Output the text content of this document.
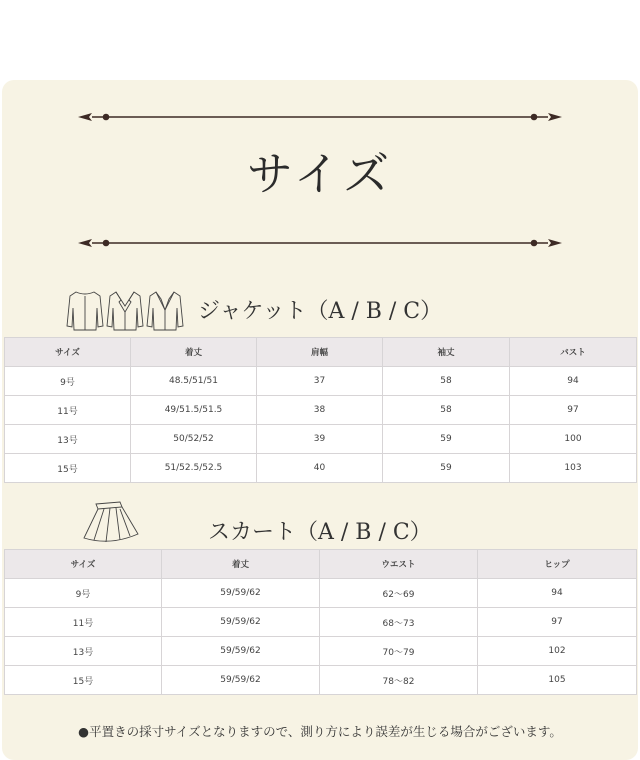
サイズ
ジャケット（A / B / C）
サイズ	着丈	肩幅	袖丈	バスト
9号	48.5/51/51	37	58	94
11号	49/51.5/51.5	38	58	97
13号	50/52/52	39	59	100
15号	51/52.5/52.5	40	59	103
スカート（A / B / C）
サイズ	着丈	ウエスト	ヒップ
9号	59/59/62	62～69	94
11号	59/59/62	68～73	97
13号	59/59/62	70～79	102
15号	59/59/62	78～82	105
●平置きの採寸サイズとなりますので、測り方により誤差が生じる場合がございます。
